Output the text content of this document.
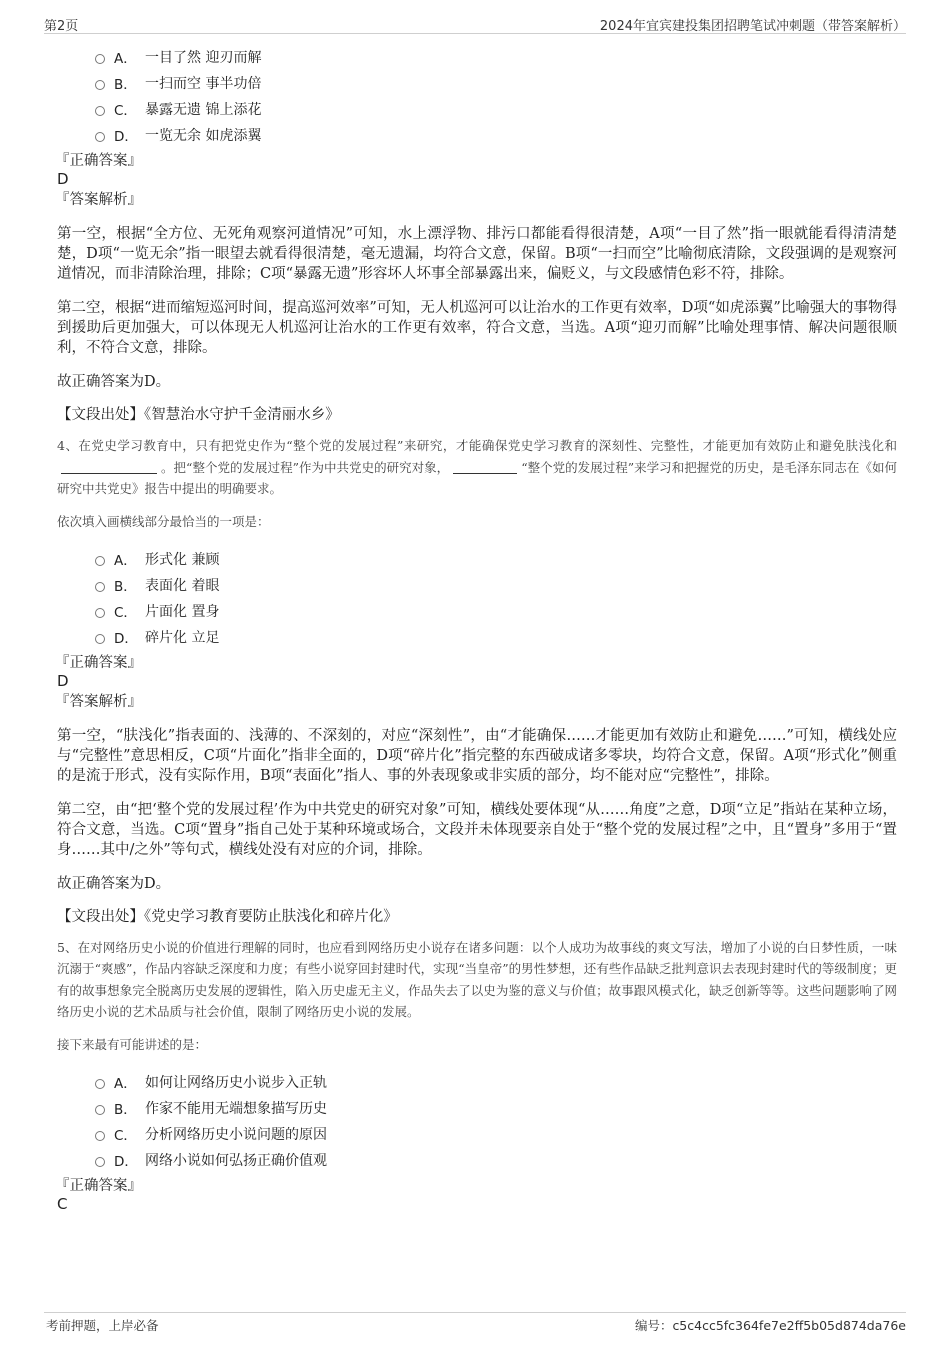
第2页	2024年宜宾建投集团招聘笔试冲刺题（带答案解析）
A． 一目了然 迎刃而解
B． 一扫而空 事半功倍
C． 暴露无遗 锦上添花
D． 一览无余 如虎添翼
『正确答案』
D
『答案解析』

第一空，根据“全方位、无死角观察河道情况”可知，水上漂浮物、排污口都能看得很清楚，A项“一目了然”指一眼就能看得清清楚楚，D项“一览无余”指一眼望去就看得很清楚，毫无遗漏，均符合文意，保留。B项“一扫而空”比喻彻底清除，文段强调的是观察河道情况，而非清除治理，排除；C项“暴露无遗”形容坏人坏事全部暴露出来，偏贬义，与文段感情色彩不符，排除。

第二空，根据“进而缩短巡河时间，提高巡河效率”可知，无人机巡河可以让治水的工作更有效率，D项“如虎添翼”比喻强大的事物得到援助后更加强大，可以体现无人机巡河让治水的工作更有效率，符合文意，当选。A项“迎刃而解”比喻处理事情、解决问题很顺利，不符合文意，排除。

故正确答案为D。

【文段出处】《智慧治水守护千金清丽水乡》

4、在党史学习教育中，只有把党史作为“整个党的发展过程”来研究，才能确保党史学习教育的深刻性、完整性，才能更加有效防止和避免肤浅化和。把“整个党的发展过程”作为中共党史的研究对象，	“整个党的发展过程”来学习和把握党的历史，是毛泽东同志在《如何研究中共党史》报告中提出的明确要求。

依次填入画横线部分最恰当的一项是：
A． 形式化 兼顾
B． 表面化 着眼
C． 片面化 置身
D． 碎片化 立足
『正确答案』
D
『答案解析』

第一空，“肤浅化”指表面的、浅薄的、不深刻的，对应“深刻性”，由“才能确保……才能更加有效防止和避免……”可知，横线处应与“完整性”意思相反，C项“片面化”指非全面的，D项“碎片化”指完整的东西破成诸多零块，均符合文意，保留。A项“形式化”侧重的是流于形式，没有实际作用，B项“表面化”指人、事的外表现象或非实质的部分，均不能对应“完整性”，排除。

第二空，由“把‘整个党的发展过程’作为中共党史的研究对象”可知，横线处要体现“从……角度”之意，D项“立足”指站在某种立场，符合文意，当选。C项“置身”指自己处于某种环境或场合，文段并未体现要亲自处于“整个党的发展过程”之中，且“置身”多用于“置身……其中/之外”等句式，横线处没有对应的介词，排除。

故正确答案为D。

【文段出处】《党史学习教育要防止肤浅化和碎片化》

5、在对网络历史小说的价值进行理解的同时，也应看到网络历史小说存在诸多问题：以个人成功为故事线的爽文写法，增加了小说的白日梦性质，一味沉溺于“爽感”，作品内容缺乏深度和力度；有些小说穿回封建时代，实现“当皇帝”的男性梦想，还有些作品缺乏批判意识去表现封建时代的等级制度；更有的故事想象完全脱离历史发展的逻辑性，陷入历史虚无主义，作品失去了以史为鉴的意义与价值；故事跟风模式化，缺乏创新等等。这些问题影响了网络历史小说的艺术品质与社会价值，限制了网络历史小说的发展。

接下来最有可能讲述的是：
A． 如何让网络历史小说步入正轨
B． 作家不能用无端想象描写历史
C． 分析网络历史小说问题的原因
D． 网络小说如何弘扬正确价值观
『正确答案』
C
考前押题，上岸必备	编号：c5c4cc5fc364fe7e2ff5b05d874da76e
